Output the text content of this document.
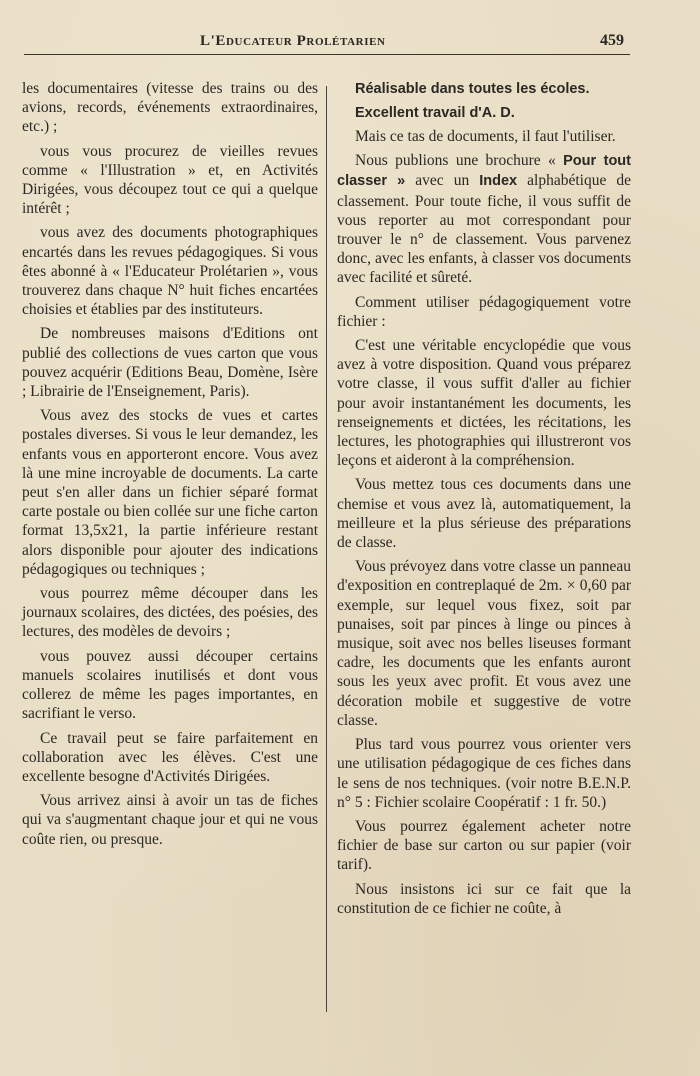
L'Educateur Prolétarien	459

les documentaires (vitesse des trains ou des avions, records, événements extraordinaires, etc.) ;

vous vous procurez de vieilles revues comme « l'Illustration » et, en Activités Dirigées, vous découpez tout ce qui a quelque intérêt ;

vous avez des documents photographiques encartés dans les revues pédagogiques. Si vous êtes abonné à « l'Educateur Prolétarien », vous trouverez dans chaque N° huit fiches encartées choisies et établies par des instituteurs.

De nombreuses maisons d'Editions ont publié des collections de vues carton que vous pouvez acquérir (Editions Beau, Domène, Isère ; Librairie de l'Enseignement, Paris).

Vous avez des stocks de vues et cartes postales diverses. Si vous le leur demandez, les enfants vous en apporteront encore. Vous avez là une mine incroyable de documents. La carte peut s'en aller dans un fichier séparé format carte postale ou bien collée sur une fiche carton format 13,5x21, la partie inférieure restant alors disponible pour ajouter des indications pédagogiques ou techniques ;

vous pourrez même découper dans les journaux scolaires, des dictées, des poésies, des lectures, des modèles de devoirs ;

vous pouvez aussi découper certains manuels scolaires inutilisés et dont vous collerez de même les pages importantes, en sacrifiant le verso.

Ce travail peut se faire parfaitement en collaboration avec les élèves. C'est une excellente besogne d'Activités Dirigées.

Vous arrivez ainsi à avoir un tas de fiches qui va s'augmentant chaque jour et qui ne vous coûte rien, ou presque.

Réalisable dans toutes les écoles.

Excellent travail d'A. D.

Mais ce tas de documents, il faut l'utiliser.

Nous publions une brochure « Pour tout classer » avec un Index alphabétique de classement. Pour toute fiche, il vous suffit de vous reporter au mot correspondant pour trouver le n° de classement. Vous parvenez donc, avec les enfants, à classer vos documents avec facilité et sûreté.

Comment utiliser pédagogiquement votre fichier :

C'est une véritable encyclopédie que vous avez à votre disposition. Quand vous préparez votre classe, il vous suffit d'aller au fichier pour avoir instantanément les documents, les renseignements et dictées, les récitations, les lectures, les photographies qui illustreront vos leçons et aideront à la compréhension.

Vous mettez tous ces documents dans une chemise et vous avez là, automatiquement, la meilleure et la plus sérieuse des préparations de classe.

Vous prévoyez dans votre classe un panneau d'exposition en contreplaqué de 2m. × 0,60 par exemple, sur lequel vous fixez, soit par punaises, soit par pinces à linge ou pinces à musique, soit avec nos belles liseuses formant cadre, les documents que les enfants auront sous les yeux avec profit. Et vous avez une décoration mobile et suggestive de votre classe.

Plus tard vous pourrez vous orienter vers une utilisation pédagogique de ces fiches dans le sens de nos techniques. (voir notre B.E.N.P. n° 5 : Fichier scolaire Coopératif : 1 fr. 50.)

Vous pourrez également acheter notre fichier de base sur carton ou sur papier (voir tarif).

Nous insistons ici sur ce fait que la constitution de ce fichier ne coûte, à
